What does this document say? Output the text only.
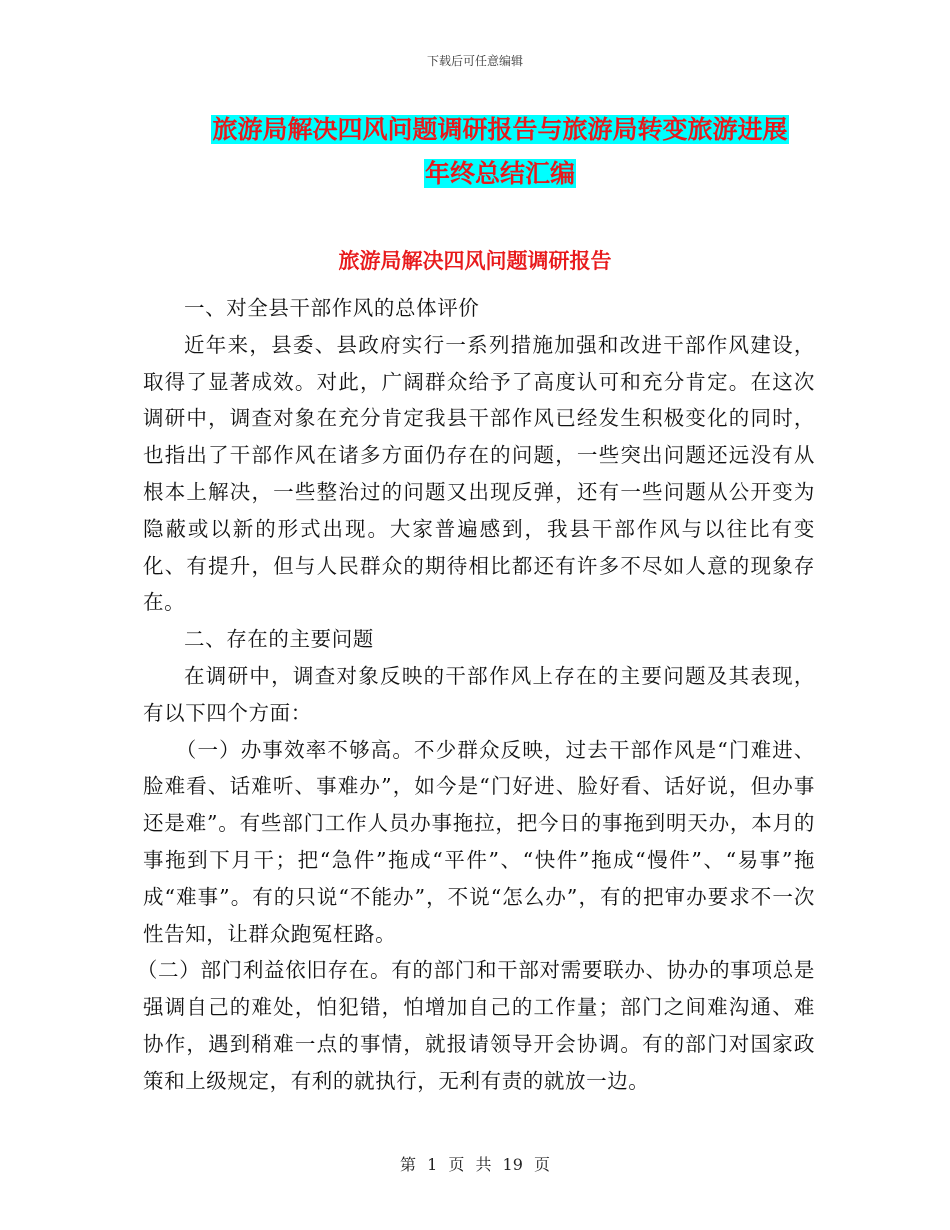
下载后可任意编辑
旅游局解决四风问题调研报告与旅游局转变旅游进展
年终总结汇编
旅游局解决四风问题调研报告

一、对全县干部作风的总体评价

近年来，县委、县政府实行一系列措施加强和改进干部作风建设，取得了显著成效。对此，广阔群众给予了高度认可和充分肯定。在这次调研中，调查对象在充分肯定我县干部作风已经发生积极变化的同时，也指出了干部作风在诸多方面仍存在的问题，一些突出问题还远没有从根本上解决，一些整治过的问题又出现反弹，还有一些问题从公开变为隐蔽或以新的形式出现。大家普遍感到，我县干部作风与以往比有变化、有提升，但与人民群众的期待相比都还有许多不尽如人意的现象存在。

二、存在的主要问题

在调研中，调查对象反映的干部作风上存在的主要问题及其表现，有以下四个方面：

（一）办事效率不够高。不少群众反映，过去干部作风是“门难进、脸难看、话难听、事难办”，如今是“门好进、脸好看、话好说，但办事还是难”。有些部门工作人员办事拖拉，把今日的事拖到明天办，本月的事拖到下月干；把“急件”拖成“平件”、“快件”拖成“慢件”、“易事”拖成“难事”。有的只说“不能办”，不说“怎么办”，有的把审办要求不一次性告知，让群众跑冤枉路。

（二）部门利益依旧存在。有的部门和干部对需要联办、协办的事项总是强调自己的难处，怕犯错，怕增加自己的工作量；部门之间难沟通、难协作，遇到稍难一点的事情，就报请领导开会协调。有的部门对国家政策和上级规定，有利的就执行，无利有责的就放一边。

第 1 页 共 19 页
